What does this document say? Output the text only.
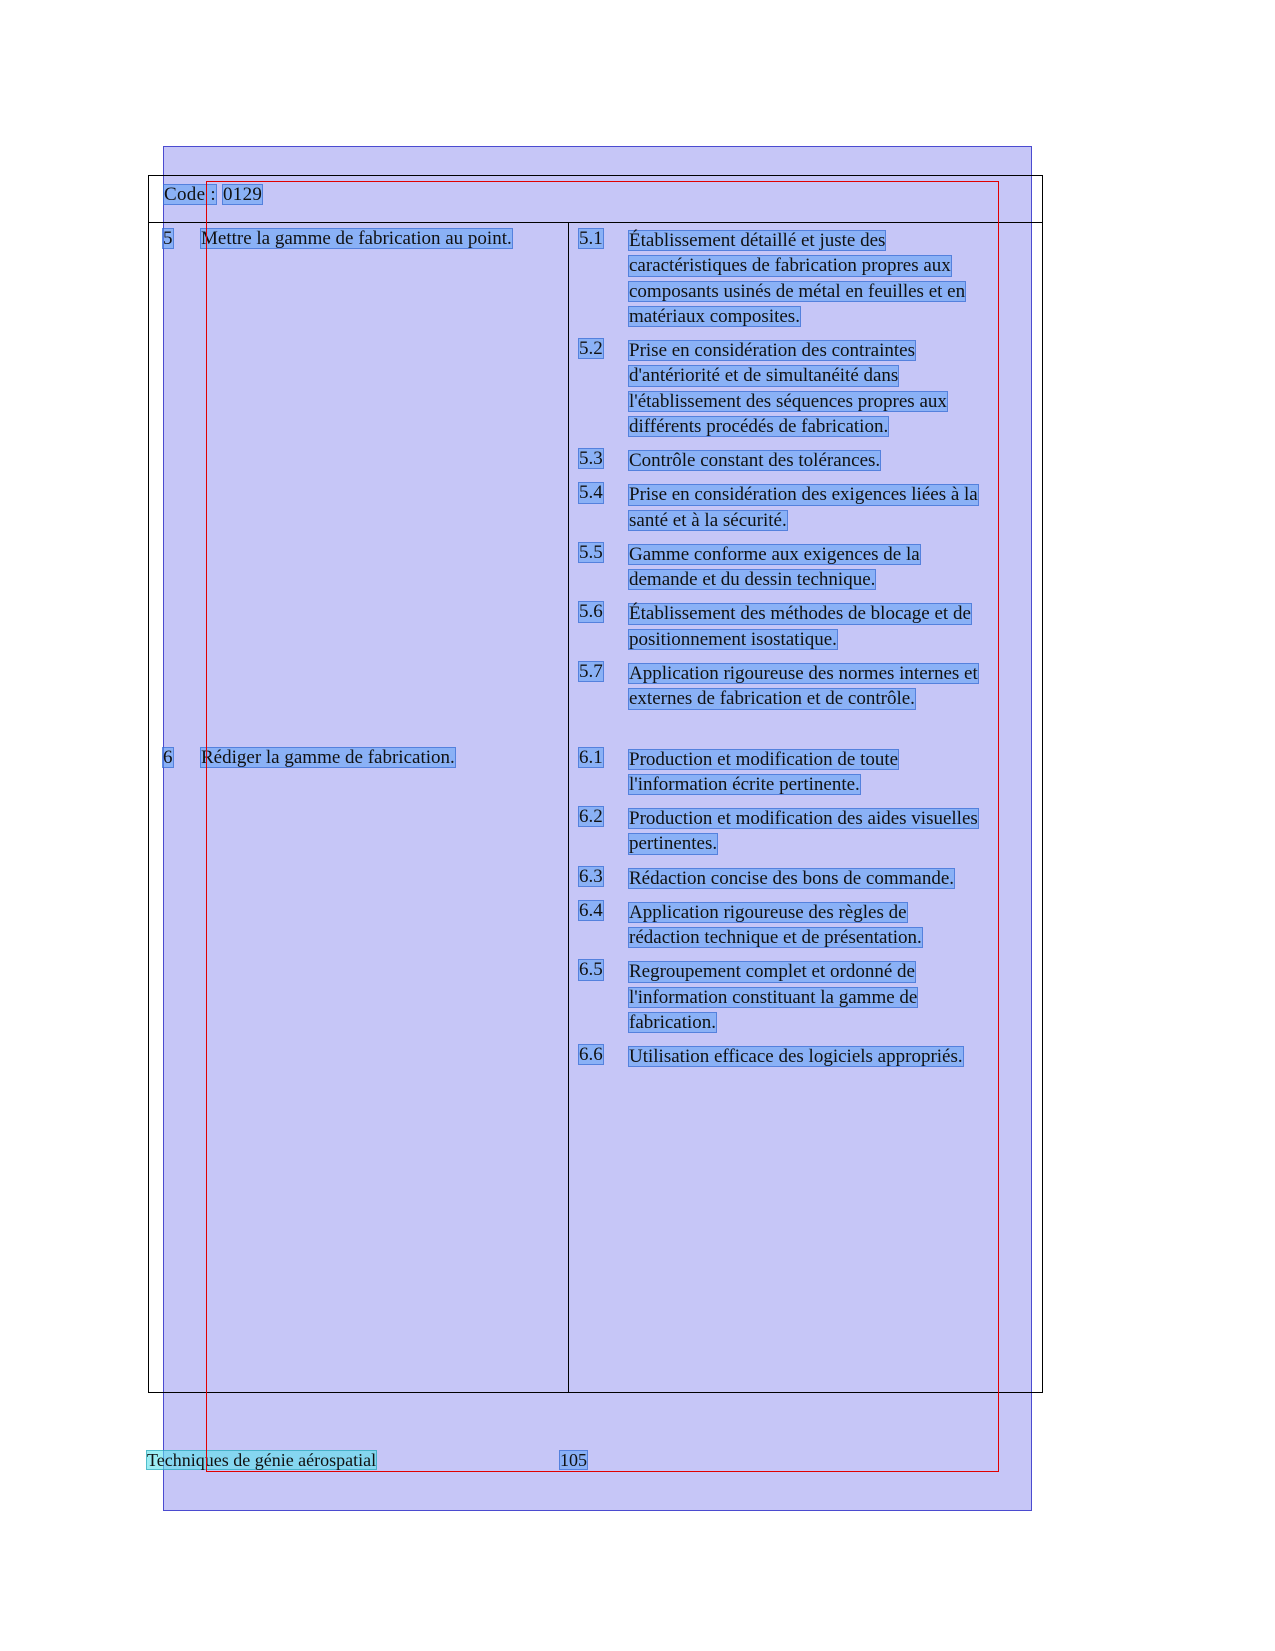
Code : 0129
5	Mettre la gamme de fabrication au point.	5.1	Établissement détaillé et juste des
caractéristiques de fabrication propres aux
composants usinés de métal en feuilles et en
matériaux composites.
5.2	Prise en considération des contraintes
d'antériorité et de simultanéité dans
l'établissement des séquences propres aux
différents procédés de fabrication.
5.3	Contrôle constant des tolérances.
5.4	Prise en considération des exigences liées à la
santé et à la sécurité.
5.5	Gamme conforme aux exigences de la
demande et du dessin technique.
5.6	Établissement des méthodes de blocage et de
positionnement isostatique.
5.7	Application rigoureuse des normes internes et
externes de fabrication et de contrôle.
6	Rédiger la gamme de fabrication.	6.1	Production et modification de toute
l'information écrite pertinente.
6.2	Production et modification des aides visuelles
pertinentes.
6.3	Rédaction concise des bons de commande.
6.4	Application rigoureuse des règles de
rédaction technique et de présentation.
6.5	Regroupement complet et ordonné de
l'information constituant la gamme de
fabrication.
6.6	Utilisation efficace des logiciels appropriés.
Techniques de génie aérospatial	105
